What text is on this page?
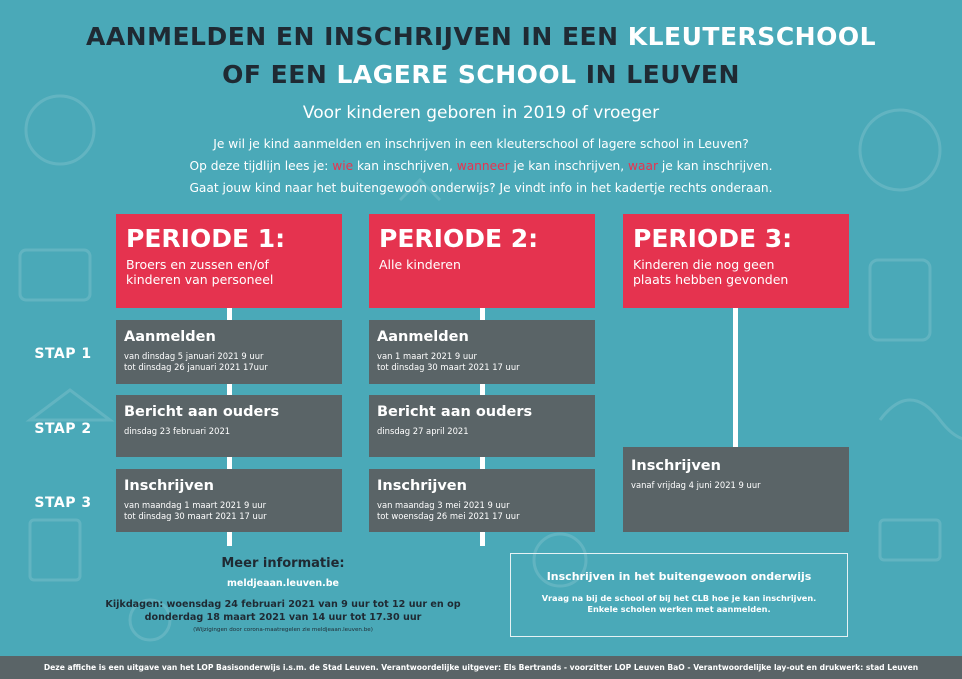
AANMELDEN EN INSCHRIJVEN IN EEN KLEUTERSCHOOL
OF EEN LAGERE SCHOOL IN LEUVEN
Voor kinderen geboren in 2019 of vroeger
Je wil je kind aanmelden en inschrijven in een kleuterschool of lagere school in Leuven?
Op deze tijdlijn lees je: wie kan inschrijven, wanneer je kan inschrijven, waar je kan inschrijven.
Gaat jouw kind naar het buitengewoon onderwijs? Je vindt info in het kadertje rechts onderaan.
PERIODE 1:
Broers en zussen en/of
kinderen van personeel
PERIODE 2:
Alle kinderen
PERIODE 3:
Kinderen die nog geen
plaats hebben gevonden
STAP 1
STAP 2
STAP 3
Aanmelden
van dinsdag 5 januari 2021 9 uur
tot dinsdag 26 januari 2021 17uur
Bericht aan ouders
dinsdag 23 februari 2021
Inschrijven
van maandag 1 maart 2021 9 uur
tot dinsdag 30 maart 2021 17 uur
Aanmelden
van 1 maart 2021 9 uur
tot dinsdag 30 maart 2021 17 uur
Bericht aan ouders
dinsdag 27 april 2021
Inschrijven
van maandag 3 mei 2021 9 uur
tot woensdag 26 mei 2021 17 uur
Inschrijven
vanaf vrijdag 4 juni 2021 9 uur
Meer informatie:
meldjeaan.leuven.be
Kijkdagen: woensdag 24 februari 2021 van 9 uur tot 12 uur en op
donderdag 18 maart 2021 van 14 uur tot 17.30 uur
(Wijzigingen door corona-maatregelen zie meldjeaan.leuven.be)
Inschrijven in het buitengewoon onderwijs
Vraag na bij de school of bij het CLB hoe je kan inschrijven.
Enkele scholen werken met aanmelden.
Deze affiche is een uitgave van het LOP Basisonderwijs i.s.m. de Stad Leuven. Verantwoordelijke uitgever: Els Bertrands - voorzitter LOP Leuven BaO - Verantwoordelijke lay-out en drukwerk: stad Leuven
